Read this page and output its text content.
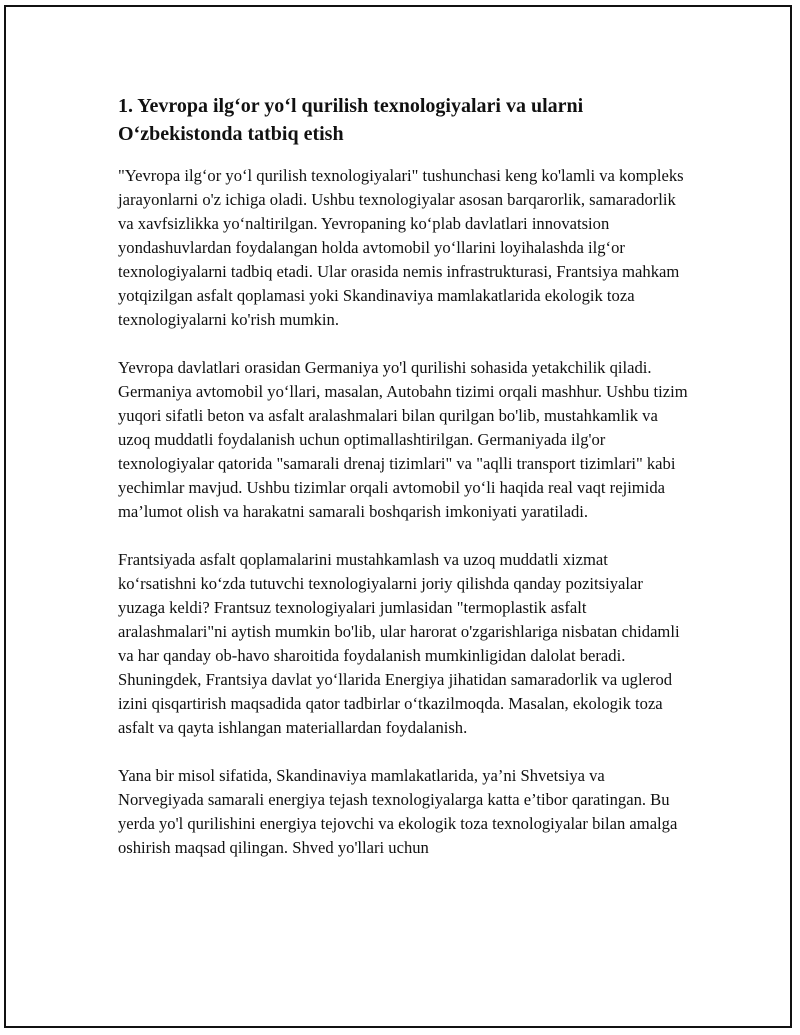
1. Yevropa ilg‘or yo‘l qurilish texnologiyalari va ularni O‘zbekistonda tatbiq etish

"Yevropa ilg‘or yo‘l qurilish texnologiyalari" tushunchasi keng ko'lamli va kompleks jarayonlarni o'z ichiga oladi. Ushbu texnologiyalar asosan barqarorlik, samaradorlik va xavfsizlikka yo‘naltirilgan. Yevropaning ko‘plab davlatlari innovatsion yondashuvlardan foydalangan holda avtomobil yo‘llarini loyihalashda ilg‘or texnologiyalarni tadbiq etadi. Ular orasida nemis infrastrukturasi, Frantsiya mahkam yotqizilgan asfalt qoplamasi yoki Skandinaviya mamlakatlarida ekologik toza texnologiyalarni ko'rish mumkin.

Yevropa davlatlari orasidan Germaniya yo'l qurilishi sohasida yetakchilik qiladi. Germaniya avtomobil yo‘llari, masalan, Autobahn tizimi orqali mashhur. Ushbu tizim yuqori sifatli beton va asfalt aralashmalari bilan qurilgan bo'lib, mustahkamlik va uzoq muddatli foydalanish uchun optimallashtirilgan. Germaniyada ilg'or texnologiyalar qatorida "samarali drenaj tizimlari" va "aqlli transport tizimlari" kabi yechimlar mavjud. Ushbu tizimlar orqali avtomobil yo‘li haqida real vaqt rejimida ma’lumot olish va harakatni samarali boshqarish imkoniyati yaratiladi.

Frantsiyada asfalt qoplamalarini mustahkamlash va uzoq muddatli xizmat ko‘rsatishni ko‘zda tutuvchi texnologiyalarni joriy qilishda qanday pozitsiyalar yuzaga keldi? Frantsuz texnologiyalari jumlasidan "termoplastik asfalt aralashmalari"ni aytish mumkin bo'lib, ular harorat o'zgarishlariga nisbatan chidamli va har qanday ob-havo sharoitida foydalanish mumkinligidan dalolat beradi. Shuningdek, Frantsiya davlat yo‘llarida Energiya jihatidan samaradorlik va uglerod izini qisqartirish maqsadida qator tadbirlar o‘tkazilmoqda. Masalan, ekologik toza asfalt va qayta ishlangan materiallardan foydalanish.

Yana bir misol sifatida, Skandinaviya mamlakatlarida, ya’ni Shvetsiya va Norvegiyada samarali energiya tejash texnologiyalarga katta e’tibor qaratingan. Bu yerda yo'l qurilishini energiya tejovchi va ekologik toza texnologiyalar bilan amalga oshirish maqsad qilingan. Shved yo'llari uchun
